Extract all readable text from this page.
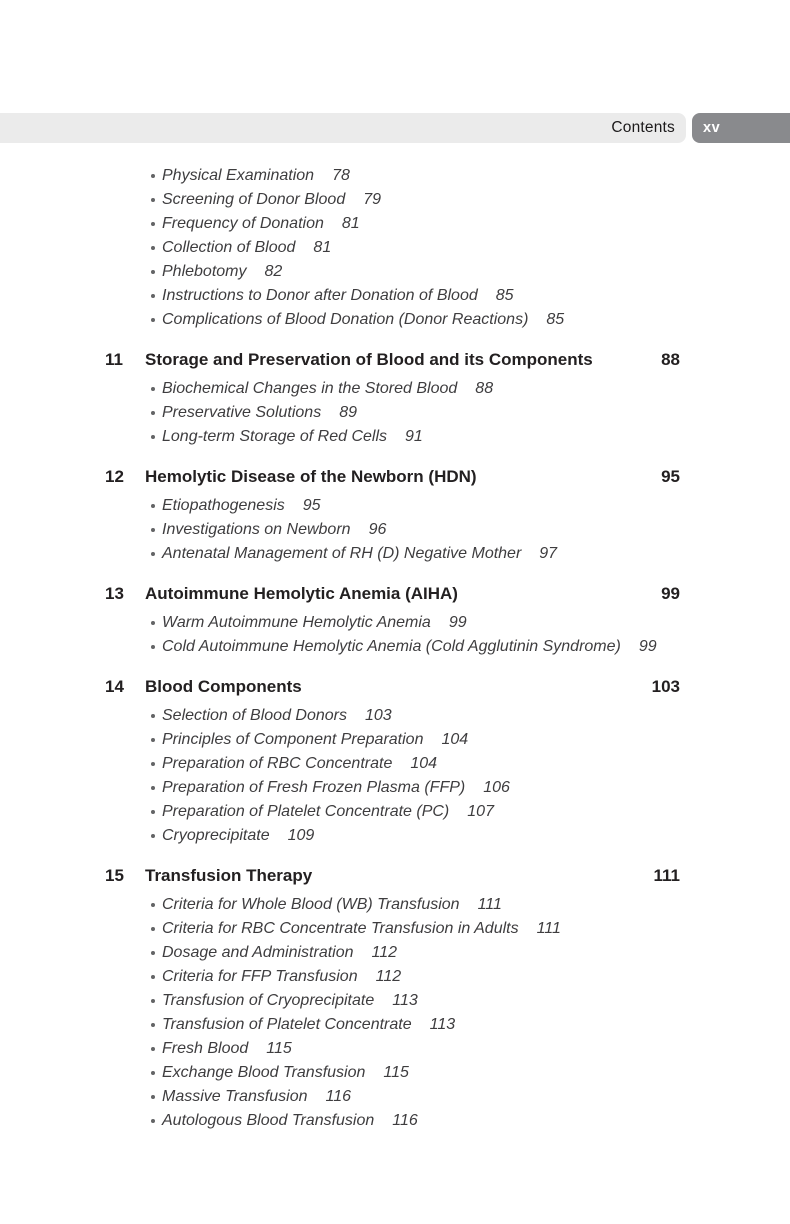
Contents xv
Physical Examination 78
Screening of Donor Blood 79
Frequency of Donation 81
Collection of Blood 81
Phlebotomy 82
Instructions to Donor after Donation of Blood 85
Complications of Blood Donation (Donor Reactions) 85
11	Storage and Preservation of Blood and its Components	88
Biochemical Changes in the Stored Blood 88
Preservative Solutions 89
Long-term Storage of Red Cells 91
12	Hemolytic Disease of the Newborn (HDN)	95
Etiopathogenesis 95
Investigations on Newborn 96
Antenatal Management of RH (D) Negative Mother 97
13	Autoimmune Hemolytic Anemia (AIHA)	99
Warm Autoimmune Hemolytic Anemia 99
Cold Autoimmune Hemolytic Anemia (Cold Agglutinin Syndrome) 99
14	Blood Components	103
Selection of Blood Donors 103
Principles of Component Preparation 104
Preparation of RBC Concentrate 104
Preparation of Fresh Frozen Plasma (FFP) 106
Preparation of Platelet Concentrate (PC) 107
Cryoprecipitate 109
15	Transfusion Therapy	111
Criteria for Whole Blood (WB) Transfusion 111
Criteria for RBC Concentrate Transfusion in Adults 111
Dosage and Administration 112
Criteria for FFP Transfusion 112
Transfusion of Cryoprecipitate 113
Transfusion of Platelet Concentrate 113
Fresh Blood 115
Exchange Blood Transfusion 115
Massive Transfusion 116
Autologous Blood Transfusion 116
